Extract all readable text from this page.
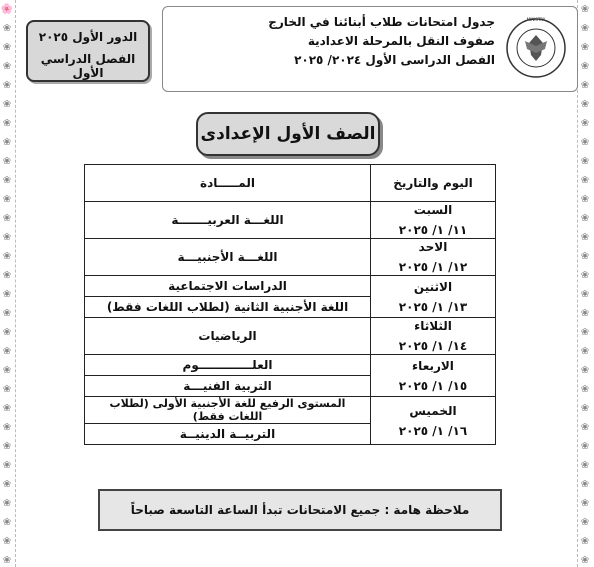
🌸
❀
❀
❀
❀
❀
❀
❀
❀
❀
❀
❀
❀
❀
❀
❀
❀
❀
❀
❀
❀
❀
❀
❀
❀
❀
❀
❀
❀
❀
❀
❀
❀
❀
❀
❀
❀
❀
❀
❀
❀
❀
❀
❀
❀
❀
❀
❀
❀
❀
❀
❀
❀
❀
❀
❀
❀
❀
❀
❀
الدور الأول ٢٠٢٥
الفصل الدراسي الأول
جدول امتحانات طلاب أبنائنا في الخارج
صفوف النقل بالمرحلة الاعدادية
الفصل الدراسى الأول ٢٠٢٤/ ٢٠٢٥
MINISTRY
الصف الأول الإعدادى
اليوم والتاريخ	المـــــادة

السبت
١١/ ١/ ٢٠٢٥	اللغـــة العربيـــــــة

الاحد
١٢/ ١/ ٢٠٢٥	اللغـــة الأجنبيـــة

الاثنين
١٣/ ١/ ٢٠٢٥	الدراسات الاجتماعية
	اللغة الأجنبية الثانية (لطلاب اللغات فقط)

الثلاثاء
١٤/ ١/ ٢٠٢٥	الرياضيات

الاربعاء
١٥/ ١/ ٢٠٢٥	العلـــــــــــــوم
	التربية الفنيـــة

الخميس
١٦/ ١/ ٢٠٢٥	المستوى الرفيع للغة الأجنبية الأولى (لطلاب اللغات فقط)
	التربيــة الدينيــة
ملاحظة هامة : جميع الامتحانات تبدأ الساعة التاسعة صباحاً
